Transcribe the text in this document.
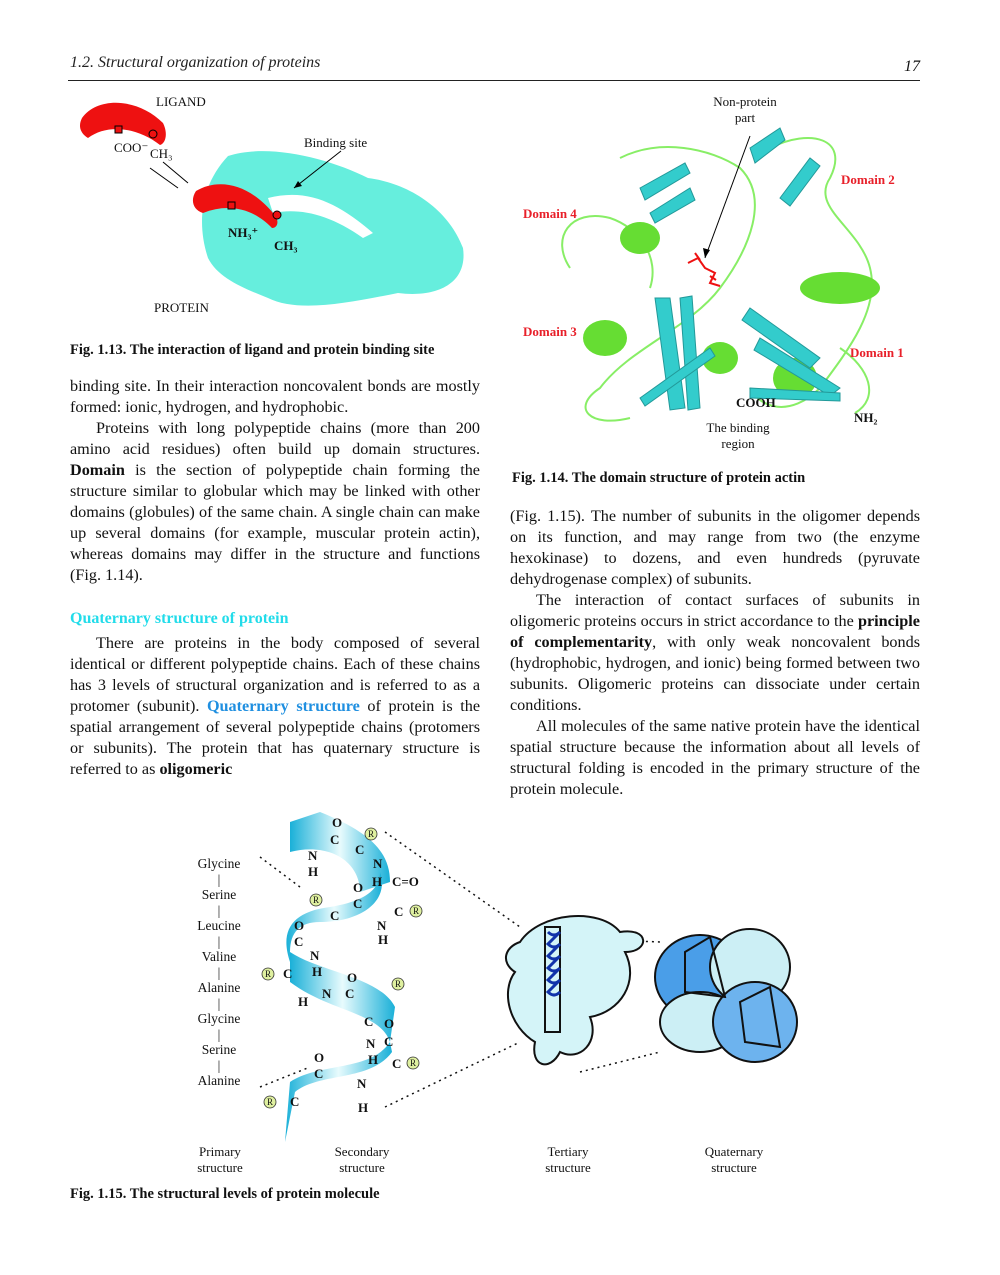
1.2. Structural organization of proteins	17
LIGAND
Binding site
COO⁻ CH₃
NH₃⁺
CH₃
PROTEIN
Fig. 1.13. The interaction of ligand and protein binding site
Non-protein
part
Domain 2
Domain 4
Domain 3
Domain 1
COOH
NH₂
The binding
region
Fig. 1.14. The domain structure of protein actin

binding site. In their interaction noncovalent bonds are mostly formed: ionic, hydrogen, and hydrophobic.

Proteins with long polypeptide chains (more than 200 amino acid residues) often build up domain structures. Domain is the section of polypeptide chain forming the structure similar to globular which may be linked with other domains (globules) of the same chain. A single chain can make up several domains (for example, muscular protein actin), whereas domains may differ in the structure and functions (Fig. 1.14).

Quaternary structure of protein

There are proteins in the body composed of several identical or different polypeptide chains. Each of these chains has 3 levels of structural organization and is referred to as a protomer (subunit). Quaternary structure of protein is the spatial arrangement of several polypeptide chains (protomers or subunits). The protein that has quaternary structure is referred to as oligomeric

(Fig. 1.15). The number of subunits in the oligomer depends on its function, and may range from two (the enzyme hexokinase) to dozens, and even hundreds (pyruvate dehydrogenase complex) of subunits.

The interaction of contact surfaces of subunits in oligomeric proteins occurs in strict accordance to the principle of complementarity, with only weak noncovalent bonds (hydrophobic, hydrogen, and ionic) being formed between two subunits. Oligomeric proteins can dissociate under certain conditions.

All molecules of the same native protein have the identical spatial structure because the information about all levels of structural folding is encoded in the primary structure of the protein molecule.

Glycine
|
Serine
|
Leucine
|
Valine
|
Alanine
|
Glycine
|
Serine
|
Alanine
O
C
C
N
H
N
H C=O
O
C
C	C
N
H
O
C
N
H
C
N C
O
H
C O
N C
H C
O
C
N
H
C
R
R
R
R
R
R
R
Primary
structure
Secondary
structure
Tertiary
structure
Quaternary
structure
Fig. 1.15. The structural levels of protein molecule
